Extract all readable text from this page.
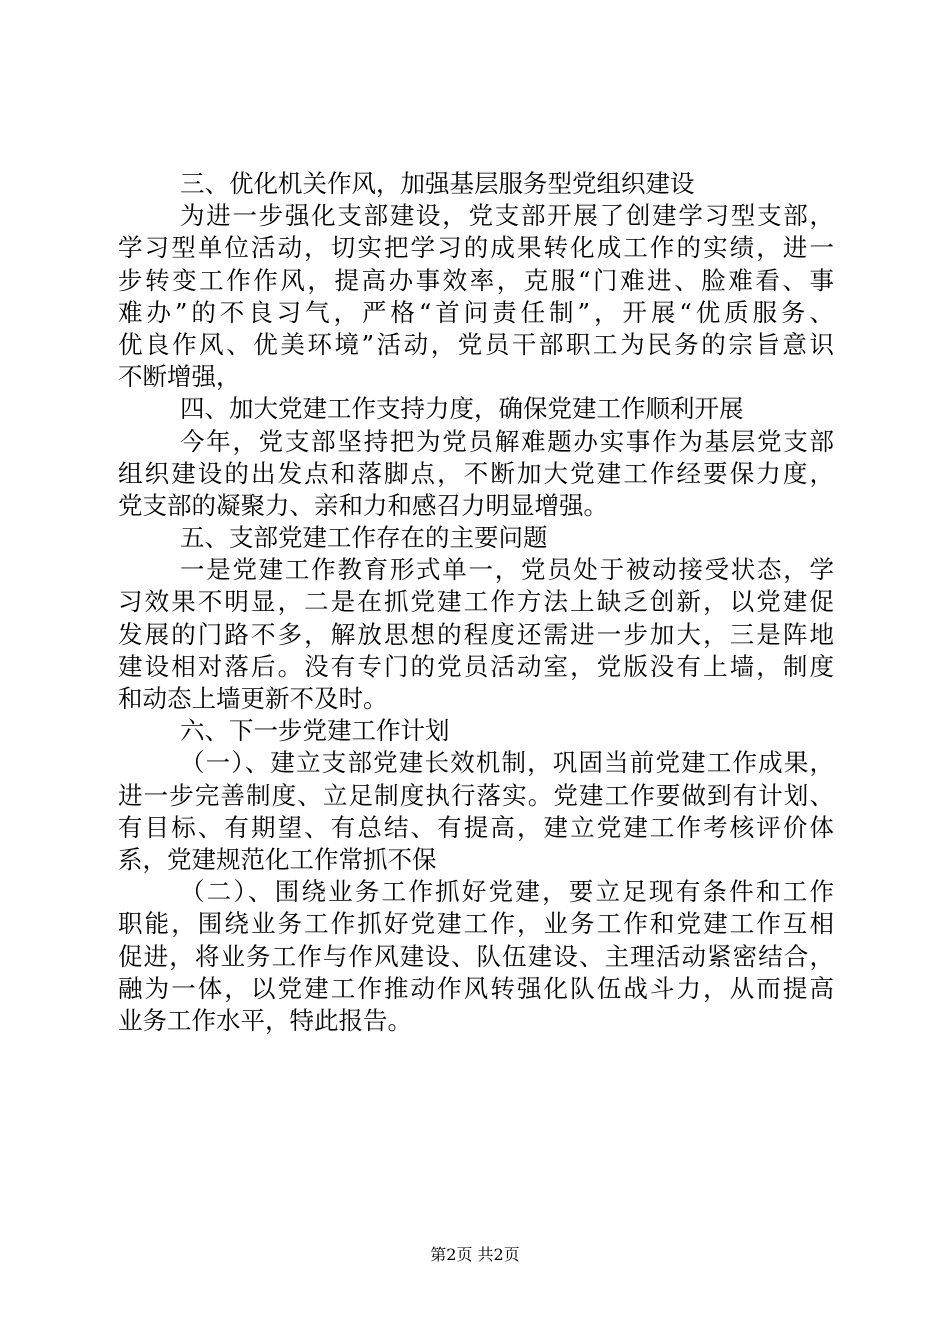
三、优化机关作风，加强基层服务型党组织建设
为进一步强化支部建设，党支部开展了创建学习型支部，
学习型单位活动，切实把学习的成果转化成工作的实绩，进一
步转变工作作风，提高办事效率，克服“门难进、脸难看、事
难办”的不良习气，严格“首问责任制”，开展“优质服务、
优良作风、优美环境”活动，党员干部职工为民务的宗旨意识
不断增强，
四、加大党建工作支持力度，确保党建工作顺利开展
今年，党支部坚持把为党员解难题办实事作为基层党支部
组织建设的出发点和落脚点，不断加大党建工作经要保力度，
党支部的凝聚力、亲和力和感召力明显增强。
五、支部党建工作存在的主要问题
一是党建工作教育形式单一，党员处于被动接受状态，学
习效果不明显，二是在抓党建工作方法上缺乏创新，以党建促
发展的门路不多，解放思想的程度还需进一步加大，三是阵地
建设相对落后。没有专门的党员活动室，党版没有上墙，制度
和动态上墙更新不及时。
六、下一步党建工作计划
（一）、建立支部党建长效机制，巩固当前党建工作成果，
进一步完善制度、立足制度执行落实。党建工作要做到有计划、
有目标、有期望、有总结、有提高，建立党建工作考核评价体
系，党建规范化工作常抓不保
（二）、围绕业务工作抓好党建，要立足现有条件和工作
职能，围绕业务工作抓好党建工作，业务工作和党建工作互相
促进，将业务工作与作风建设、队伍建设、主理活动紧密结合，
融为一体，以党建工作推动作风转强化队伍战斗力，从而提高
业务工作水平，特此报告。
第2页 共2页
